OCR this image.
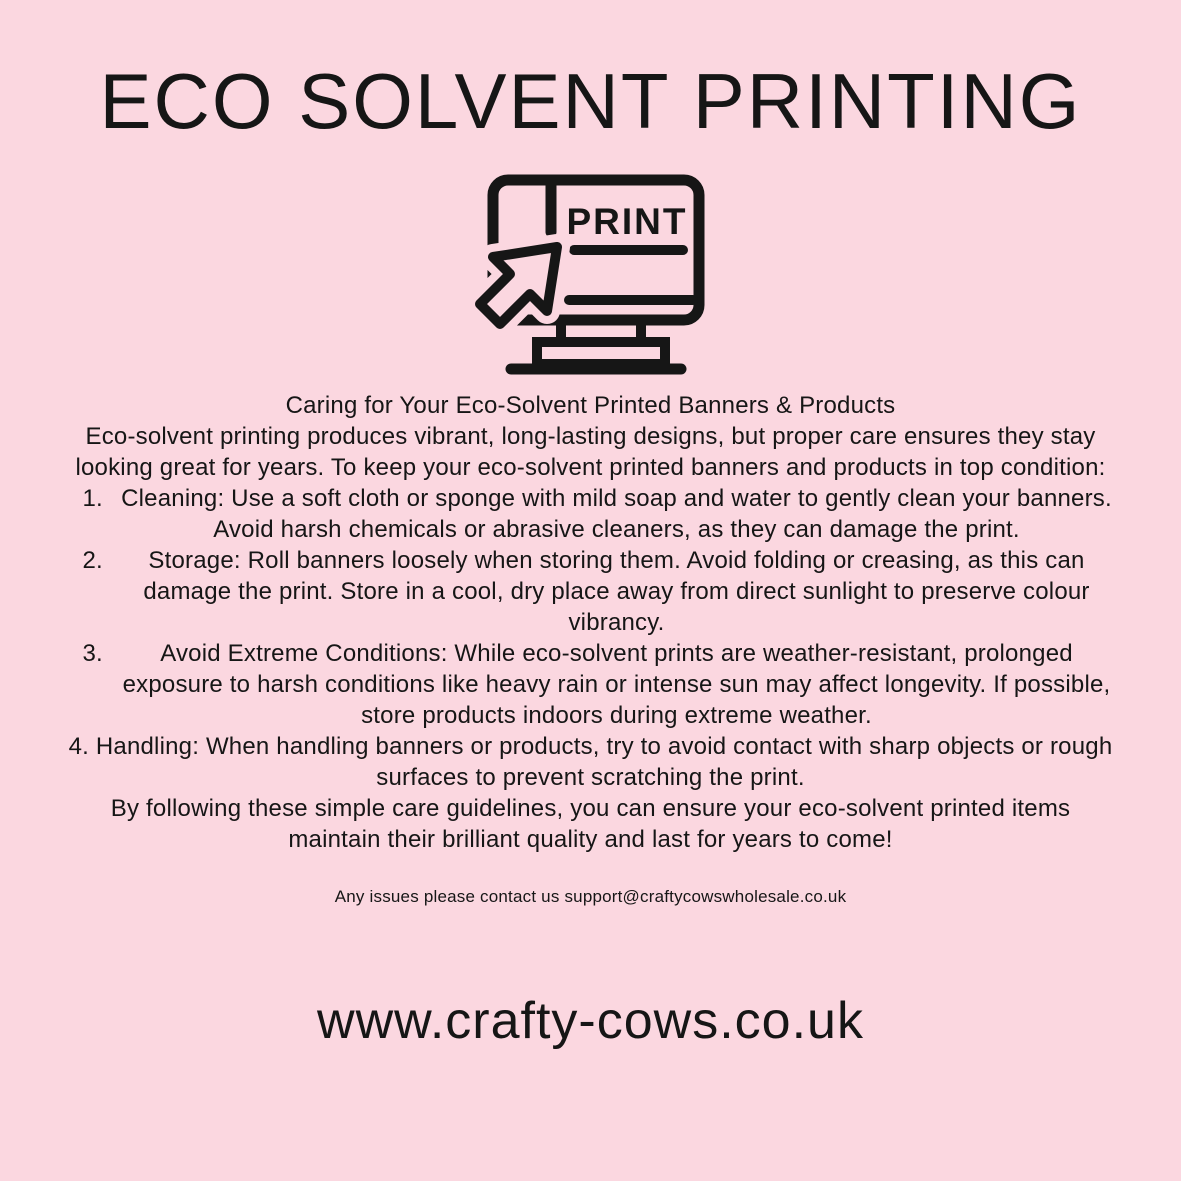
ECO SOLVENT PRINTING
PRINT
Caring for Your Eco-Solvent Printed Banners & Products
Eco-solvent printing produces vibrant, long-lasting designs, but proper care ensures they stay looking great for years. To keep your eco-solvent printed banners and products in top condition:
1. Cleaning: Use a soft cloth or sponge with mild soap and water to gently clean your banners. Avoid harsh chemicals or abrasive cleaners, as they can damage the print.
2.	Storage: Roll banners loosely when storing them. Avoid folding or creasing, as this can damage the print. Store in a cool, dry place away from direct sunlight to preserve colour vibrancy.
3.	Avoid Extreme Conditions: While eco-solvent prints are weather-resistant, prolonged exposure to harsh conditions like heavy rain or intense sun may affect longevity. If possible, store products indoors during extreme weather.
4. Handling: When handling banners or products, try to avoid contact with sharp objects or rough surfaces to prevent scratching the print.
By following these simple care guidelines, you can ensure your eco-solvent printed items maintain their brilliant quality and last for years to come!
Any issues please contact us support@craftycowswholesale.co.uk
www.crafty-cows.co.uk
